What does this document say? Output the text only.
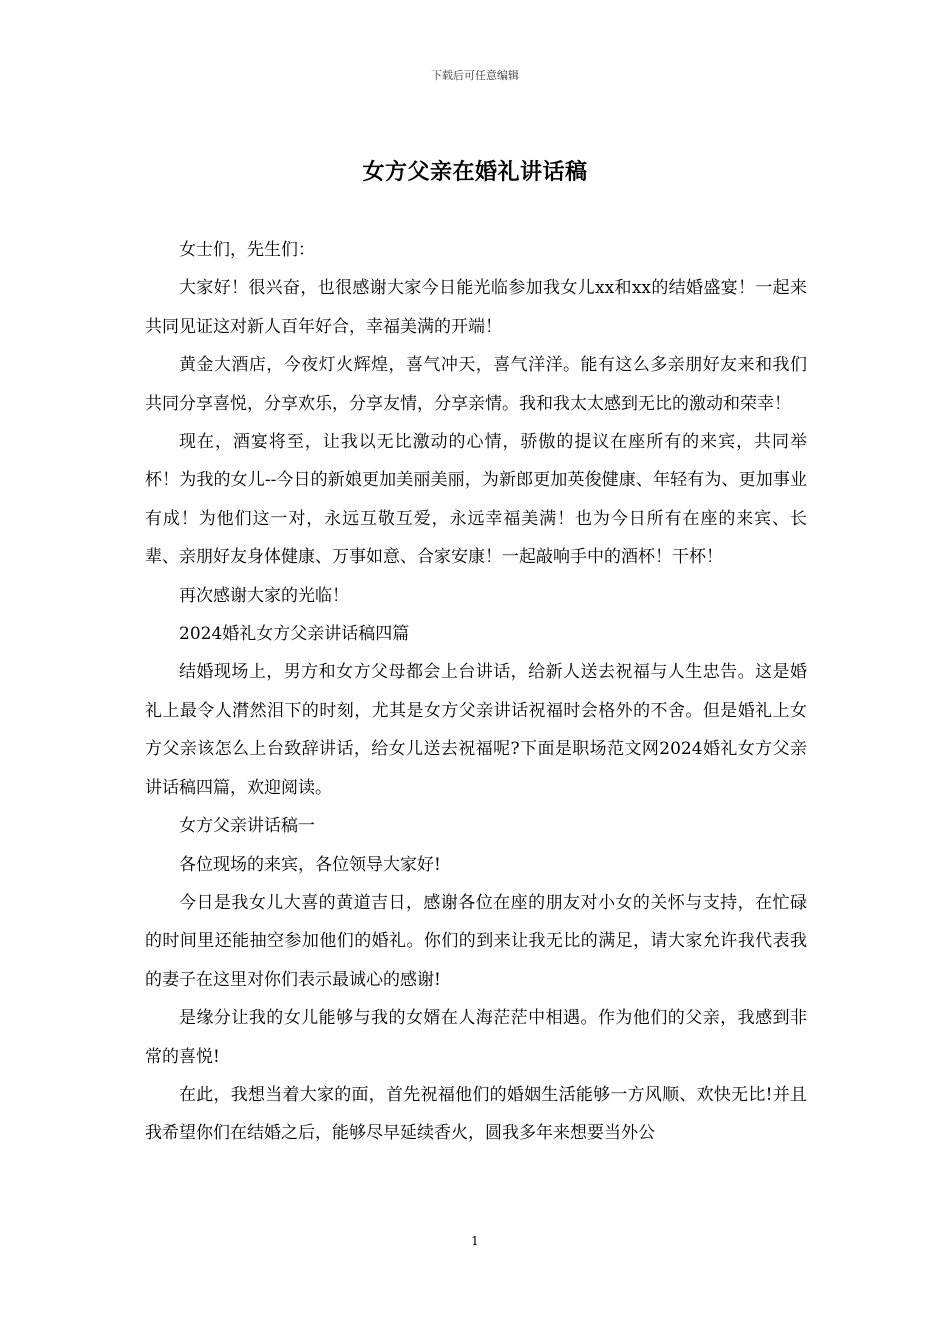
下载后可任意编辑
女方父亲在婚礼讲话稿

女士们，先生们：

大家好！很兴奋，也很感谢大家今日能光临参加我女儿xx和xx的结婚盛宴！一起来共同见证这对新人百年好合，幸福美满的开端！

黄金大酒店，今夜灯火辉煌，喜气冲天，喜气洋洋。能有这么多亲朋好友来和我们共同分享喜悦，分享欢乐，分享友情，分享亲情。我和我太太感到无比的激动和荣幸！

现在，酒宴将至，让我以无比激动的心情，骄傲的提议在座所有的来宾，共同举杯！为我的女儿--今日的新娘更加美丽美丽，为新郎更加英俊健康、年轻有为、更加事业有成！为他们这一对，永远互敬互爱，永远幸福美满！也为今日所有在座的来宾、长辈、亲朋好友身体健康、万事如意、合家安康！一起敲响手中的酒杯！干杯！

再次感谢大家的光临！

2024婚礼女方父亲讲话稿四篇

结婚现场上，男方和女方父母都会上台讲话，给新人送去祝福与人生忠告。这是婚礼上最令人潸然泪下的时刻，尤其是女方父亲讲话祝福时会格外的不舍。但是婚礼上女方父亲该怎么上台致辞讲话，给女儿送去祝福呢?下面是职场范文网2024婚礼女方父亲讲话稿四篇，欢迎阅读。

女方父亲讲话稿一

各位现场的来宾，各位领导大家好!

今日是我女儿大喜的黄道吉日，感谢各位在座的朋友对小女的关怀与支持，在忙碌的时间里还能抽空参加他们的婚礼。你们的到来让我无比的满足，请大家允许我代表我的妻子在这里对你们表示最诚心的感谢!

是缘分让我的女儿能够与我的女婿在人海茫茫中相遇。作为他们的父亲，我感到非常的喜悦!

在此，我想当着大家的面，首先祝福他们的婚姻生活能够一方风顺、欢快无比!并且我希望你们在结婚之后，能够尽早延续香火，圆我多年来想要当外公

1
